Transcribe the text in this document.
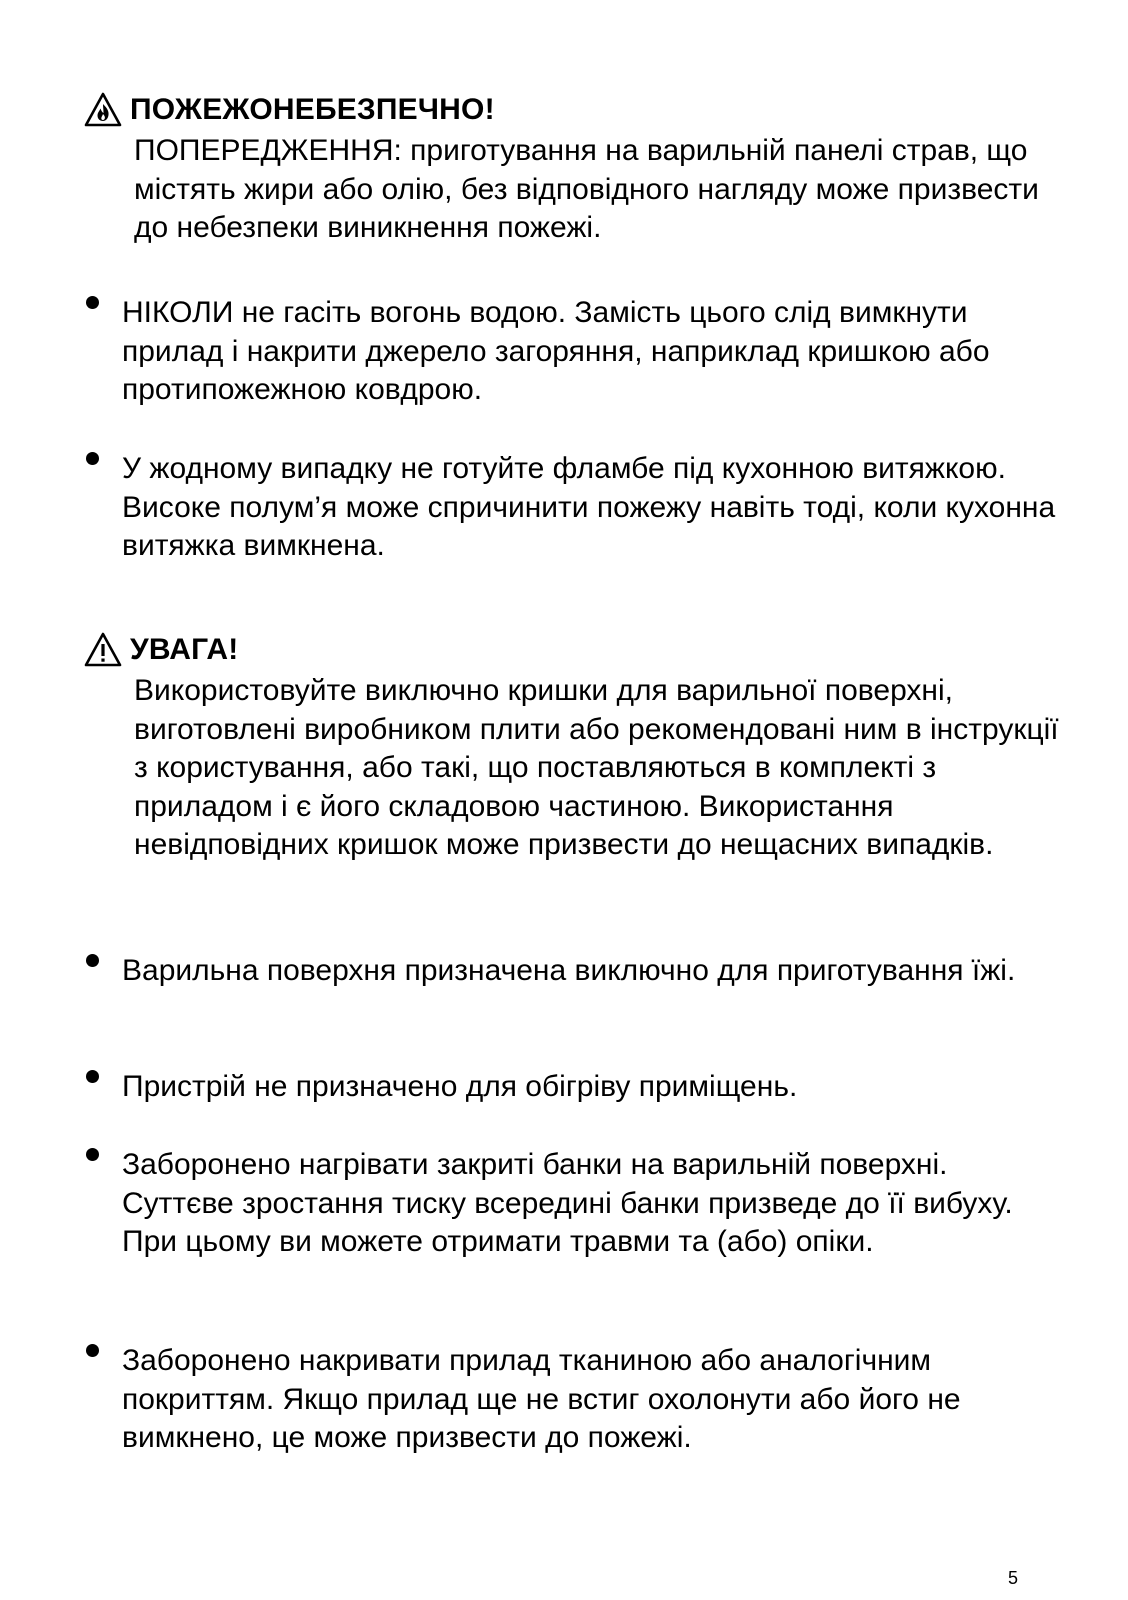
ПОЖЕЖОНЕБЕЗПЕЧНО!
ПОПЕРЕДЖЕННЯ: приготування на варильній панелі страв, що містять жири або олію, без відповідного нагляду може призвести до небезпеки виникнення пожежі.
НІКОЛИ не гасіть вогонь водою. Замість цього слід вимкнути прилад і накрити джерело загоряння, наприклад кришкою або протипожежною ковдрою.
У жодному випадку не готуйте фламбе під кухонною витяжкою. Високе полум’я може спричинити пожежу навіть тоді, коли кухонна витяжка вимкнена.
УВАГА!
Використовуйте виключно кришки для варильної поверхні, виготовлені виробником плити або рекомендовані ним в інструкції з користування, або такі, що поставляються в комплекті з приладом і є його складовою частиною. Використання невідповідних кришок може призвести до нещасних випадків.
Варильна поверхня призначена виключно для приготування їжі.
Пристрій не призначено для обігріву приміщень.
Заборонено нагрівати закриті банки на варильній поверхні. Суттєве зростання тиску всередині банки призведе до її вибуху. При цьому ви можете отримати травми та (або) опіки.
Заборонено накривати прилад тканиною або аналогічним покриттям. Якщо прилад ще не встиг охолонути або його не вимкнено, це може призвести до пожежі.
5
